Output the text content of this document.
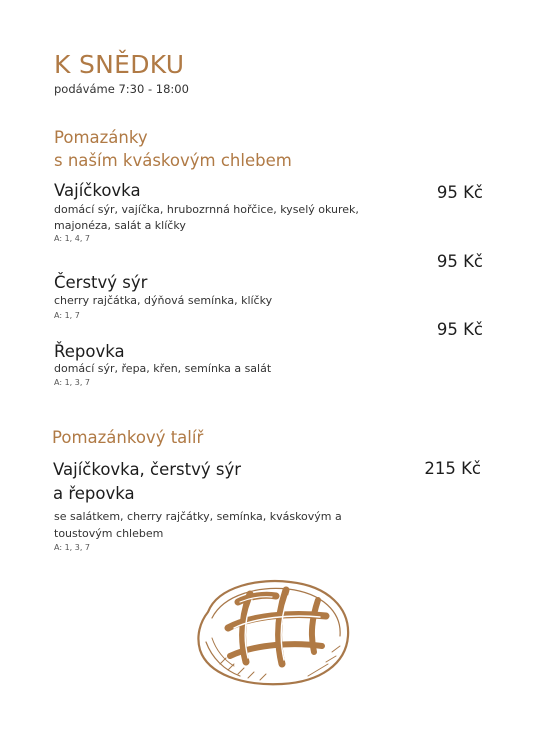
K SNĚDKU
podáváme 7:30 - 18:00
Pomazánky
s naším kváskovým chlebem
Vajíčkovka	95 Kč
domácí sýr, vajíčka, hrubozrnná hořčice, kyselý okurek,
majonéza, salát a klíčky
A: 1, 4, 7
95 Kč
Čerstvý sýr
cherry rajčátka, dýňová semínka, klíčky
A: 1, 7
95 Kč
Řepovka
domácí sýr, řepa, křen, semínka a salát
A: 1, 3, 7
Pomazánkový talíř
Vajíčkovka, čerstvý sýr
a řepovka
215 Kč
se salátkem, cherry rajčátky, semínka, kváskovým a
toustovým chlebem
A: 1, 3, 7
